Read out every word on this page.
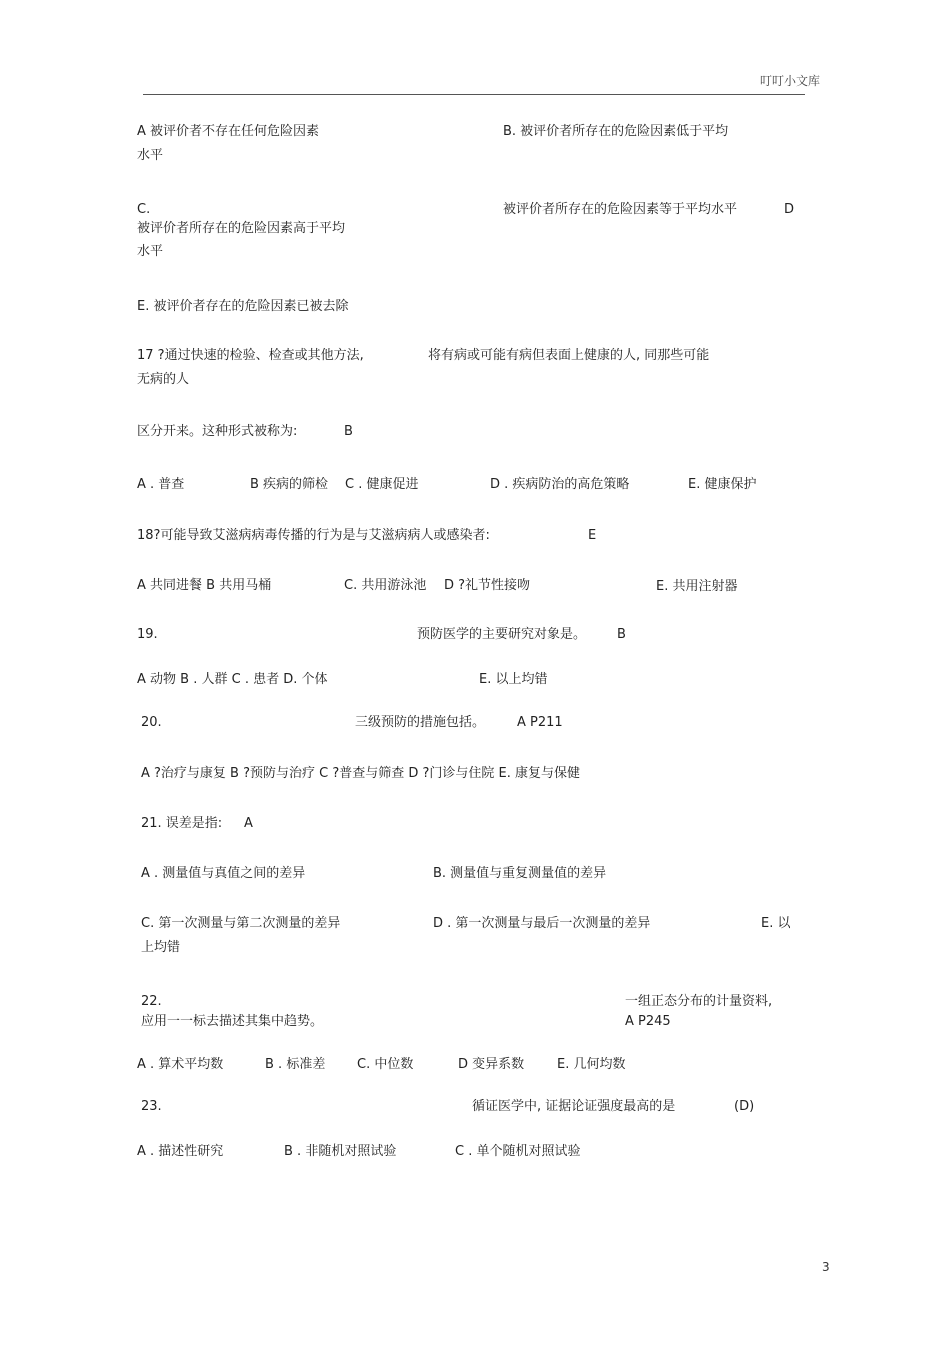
叮叮小文库
A 被评价者不存在任何危险因素	B. 被评价者所存在的危险因素低于平均
水平
C.	被评价者所存在的危险因素等于平均水平	D
被评价者所存在的危险因素高于平均
水平
E. 被评价者存在的危险因素已被去除
17 ?通过快速的检验、检查或其他方法,	将有病或可能有病但表面上健康的人, 同那些可能
无病的人
区分开来。这种形式被称为:	B
A . 普查	B 疾病的筛检 C . 健康促进	D . 疾病防治的高危策略	E. 健康保护
18?可能导致艾滋病病毒传播的行为是与艾滋病病人或感染者:	E
A 共同进餐 B 共用马桶	C. 共用游泳池 D ?礼节性接吻	E. 共用注射器
19.	预防医学的主要研究对象是。 B
A 动物 B . 人群 C . 患者 D. 个体	E. 以上均错
20.	三级预防的措施包括。 A P211
A ?治疗与康复 B ?预防与治疗 C ?普查与筛查 D ?门诊与住院 E. 康复与保健
21. 误差是指: A
A . 测量值与真值之间的差异	B. 测量值与重复测量值的差异
C. 第一次测量与第二次测量的差异	D . 第一次测量与最后一次测量的差异	E. 以
上均错
22.	一组正态分布的计量资料,
应用一一标去描述其集中趋势。	A P245
A . 算术平均数	B . 标准差 C. 中位数	D 变异系数	E. 几何均数
23.	循证医学中, 证据论证强度最高的是	(D)
A . 描述性研究	B . 非随机对照试验	C . 单个随机对照试验
3
